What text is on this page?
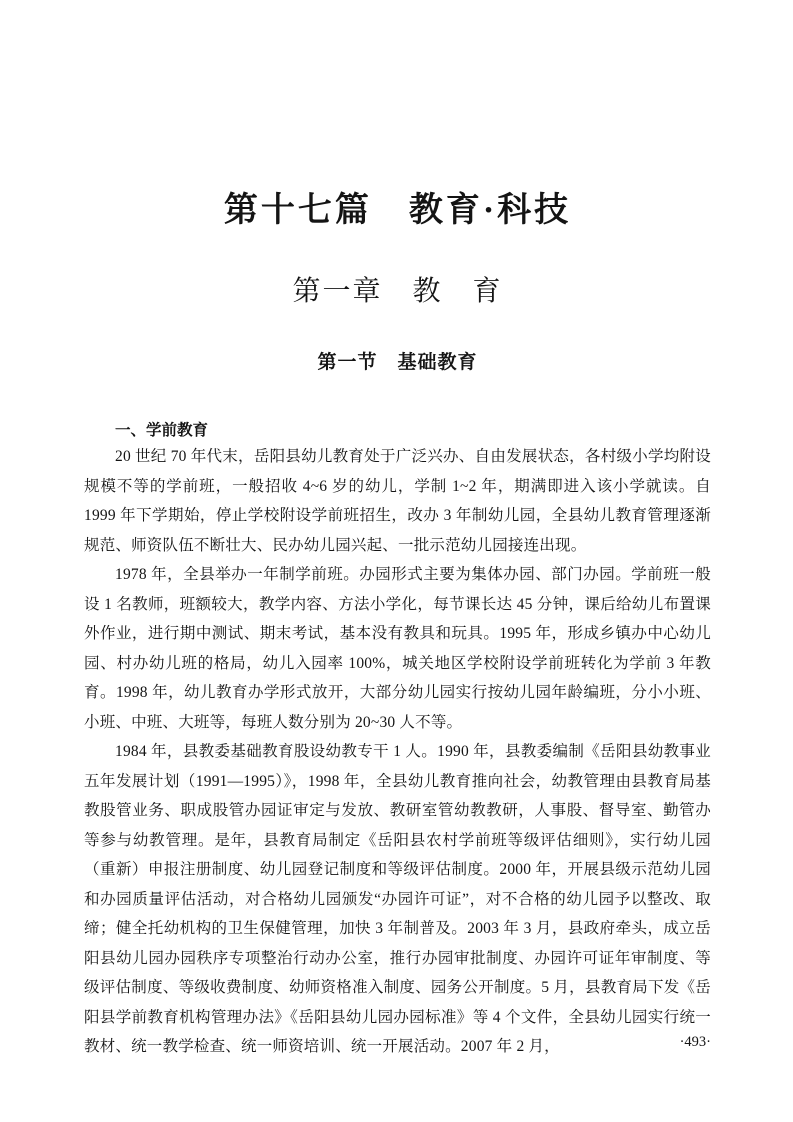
第十七篇　教育·科技
第一章　教　育
第一节　基础教育
一、学前教育

20 世纪 70 年代末，岳阳县幼儿教育处于广泛兴办、自由发展状态，各村级小学均附设规模不等的学前班，一般招收 4~6 岁的幼儿，学制 1~2 年，期满即进入该小学就读。自 1999 年下学期始，停止学校附设学前班招生，改办 3 年制幼儿园，全县幼儿教育管理逐渐规范、师资队伍不断壮大、民办幼儿园兴起、一批示范幼儿园接连出现。

1978 年，全县举办一年制学前班。办园形式主要为集体办园、部门办园。学前班一般设 1 名教师，班额较大，教学内容、方法小学化，每节课长达 45 分钟，课后给幼儿布置课外作业，进行期中测试、期末考试，基本没有教具和玩具。1995 年，形成乡镇办中心幼儿园、村办幼儿班的格局，幼儿入园率 100%，城关地区学校附设学前班转化为学前 3 年教育。1998 年，幼儿教育办学形式放开，大部分幼儿园实行按幼儿园年龄编班，分小小班、小班、中班、大班等，每班人数分别为 20~30 人不等。

1984 年，县教委基础教育股设幼教专干 1 人。1990 年，县教委编制《岳阳县幼教事业五年发展计划（1991—1995）》，1998 年，全县幼儿教育推向社会，幼教管理由县教育局基教股管业务、职成股管办园证审定与发放、教研室管幼教教研，人事股、督导室、勤管办等参与幼教管理。是年，县教育局制定《岳阳县农村学前班等级评估细则》，实行幼儿园（重新）申报注册制度、幼儿园登记制度和等级评估制度。2000 年，开展县级示范幼儿园和办园质量评估活动，对合格幼儿园颁发“办园许可证”，对不合格的幼儿园予以整改、取缔；健全托幼机构的卫生保健管理，加快 3 年制普及。2003 年 3 月，县政府牵头，成立岳阳县幼儿园办园秩序专项整治行动办公室，推行办园审批制度、办园许可证年审制度、等级评估制度、等级收费制度、幼师资格准入制度、园务公开制度。5 月，县教育局下发《岳阳县学前教育机构管理办法》《岳阳县幼儿园办园标准》等 4 个文件，全县幼儿园实行统一教材、统一教学检查、统一师资培训、统一开展活动。2007 年 2 月，	·493·
